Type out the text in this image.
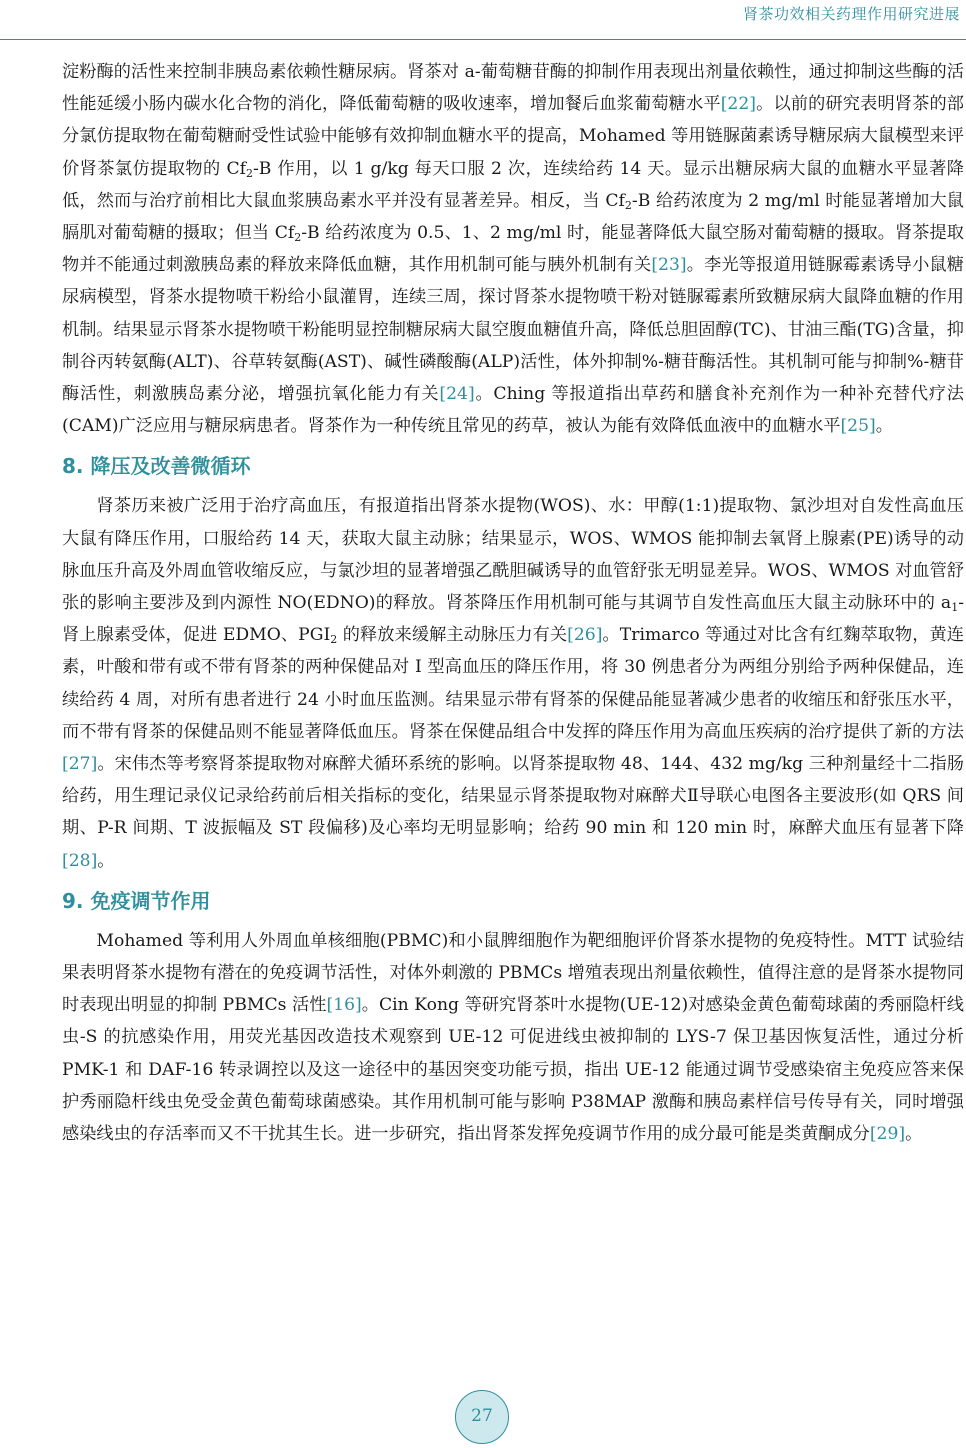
肾茶功效相关药理作用研究进展

淀粉酶的活性来控制非胰岛素依赖性糖尿病。肾茶对 a-葡萄糖苷酶的抑制作用表现出剂量依赖性，通过抑制这些酶的活性能延缓小肠内碳水化合物的消化，降低葡萄糖的吸收速率，增加餐后血浆葡萄糖水平[22]。以前的研究表明肾茶的部分氯仿提取物在葡萄糖耐受性试验中能够有效抑制血糖水平的提高，Mohamed 等用链脲菌素诱导糖尿病大鼠模型来评价肾茶氯仿提取物的 $Cf_2-B$ 作用，以 1 g/kg 每天口服 2 次，连续给药 14 天。显示出糖尿病大鼠的血糖水平显著降低，然而与治疗前相比大鼠血浆胰岛素水平并没有显著差异。相反，当 $Cf_2-B$ 给药浓度为 2 mg/ml 时能显著增加大鼠膈肌对葡萄糖的摄取；但当 $Cf_2-B$ 给药浓度为 0.5、1、2 mg/ml 时，能显著降低大鼠空肠对葡萄糖的摄取。肾茶提取物并不能通过刺激胰岛素的释放来降低血糖，其作用机制可能与胰外机制有关[23]。李光等报道用链脲霉素诱导小鼠糖尿病模型，肾茶水提物喷干粉给小鼠灌胃，连续三周，探讨肾茶水提物喷干粉对链脲霉素所致糖尿病大鼠降血糖的作用机制。结果显示肾茶水提物喷干粉能明显控制糖尿病大鼠空腹血糖值升高，降低总胆固醇(TC)、甘油三酯(TG)含量，抑制谷丙转氨酶(ALT)、谷草转氨酶(AST)、碱性磷酸酶(ALP)活性，体外抑制%-糖苷酶活性。其机制可能与抑制%-糖苷酶活性，刺激胰岛素分泌，增强抗氧化能力有关[24]。Ching 等报道指出草药和膳食补充剂作为一种补充替代疗法(CAM)广泛应用与糖尿病患者。肾茶作为一种传统且常见的药草，被认为能有效降低血液中的血糖水平[25]。

8. 降压及改善微循环

肾茶历来被广泛用于治疗高血压，有报道指出肾茶水提物(WOS)、水：甲醇(1:1)提取物、氯沙坦对自发性高血压大鼠有降压作用，口服给药 14 天，获取大鼠主动脉；结果显示，WOS、WMOS 能抑制去氧肾上腺素(PE)诱导的动脉血压升高及外周血管收缩反应，与氯沙坦的显著增强乙酰胆碱诱导的血管舒张无明显差异。WOS、WMOS 对血管舒张的影响主要涉及到内源性 NO(EDNO)的释放。肾茶降压作用机制可能与其调节自发性高血压大鼠主动脉环中的 $a_1-$肾上腺素受体，促进 EDMO、$PGI_2$ 的释放来缓解主动脉压力有关[26]。Trimarco 等通过对比含有红麴萃取物，黄连素，叶酸和带有或不带有肾茶的两种保健品对 I 型高血压的降压作用，将 30 例患者分为两组分别给予两种保健品，连续给药 4 周，对所有患者进行 24 小时血压监测。结果显示带有肾茶的保健品能显著减少患者的收缩压和舒张压水平，而不带有肾茶的保健品则不能显著降低血压。肾茶在保健品组合中发挥的降压作用为高血压疾病的治疗提供了新的方法[27]。宋伟杰等考察肾茶提取物对麻醉犬循环系统的影响。以肾茶提取物 48、144、432 mg/kg 三种剂量经十二指肠给药，用生理记录仪记录给药前后相关指标的变化，结果显示肾茶提取物对麻醉犬Ⅱ导联心电图各主要波形(如 QRS 间期、P-R 间期、T 波振幅及 ST 段偏移)及心率均无明显影响；给药 90 min 和 120 min 时，麻醉犬血压有显著下降[28]。

9. 免疫调节作用

Mohamed 等利用人外周血单核细胞(PBMC)和小鼠脾细胞作为靶细胞评价肾茶水提物的免疫特性。MTT 试验结果表明肾茶水提物有潜在的免疫调节活性，对体外刺激的 PBMCs 增殖表现出剂量依赖性，值得注意的是肾茶水提物同时表现出明显的抑制 PBMCs 活性[16]。Cin Kong 等研究肾茶叶水提物(UE-12)对感染金黄色葡萄球菌的秀丽隐杆线虫-S 的抗感染作用，用荧光基因改造技术观察到 UE-12 可促进线虫被抑制的 LYS-7 保卫基因恢复活性，通过分析 PMK-1 和 DAF-16 转录调控以及这一途径中的基因突变功能亏损，指出 UE-12 能通过调节受感染宿主免疫应答来保护秀丽隐杆线虫免受金黄色葡萄球菌感染。其作用机制可能与影响 P38MAP 激酶和胰岛素样信号传导有关，同时增强感染线虫的存活率而又不干扰其生长。进一步研究，指出肾茶发挥免疫调节作用的成分最可能是类黄酮成分[29]。

27
